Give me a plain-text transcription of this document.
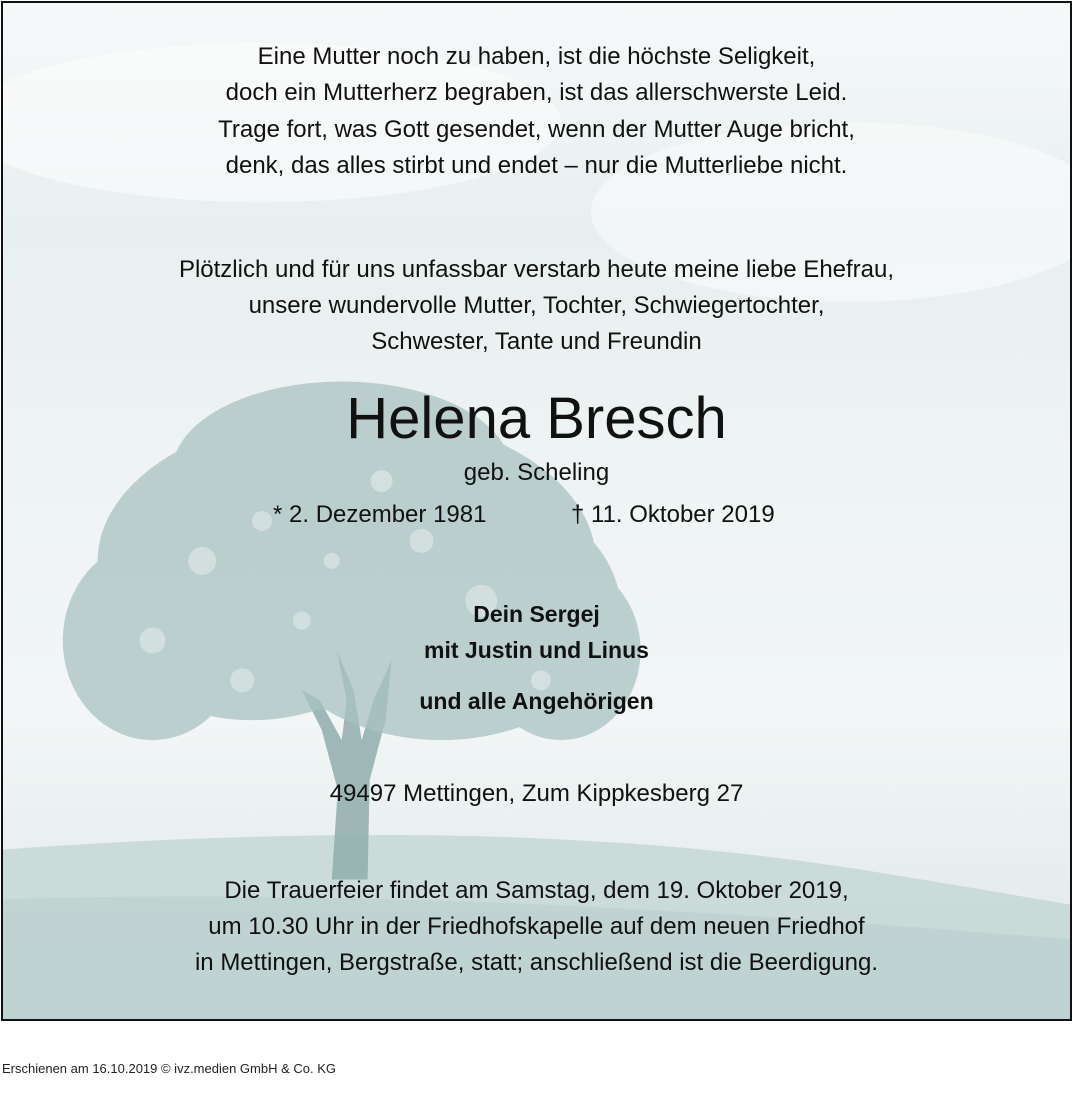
Eine Mutter noch zu haben, ist die höchste Seligkeit,
doch ein Mutterherz begraben, ist das allerschwerste Leid.
Trage fort, was Gott gesendet, wenn der Mutter Auge bricht,
denk, das alles stirbt und endet – nur die Mutterliebe nicht.
Plötzlich und für uns unfassbar verstarb heute meine liebe Ehefrau,
unsere wundervolle Mutter, Tochter, Schwiegertochter,
Schwester, Tante und Freundin
Helena Bresch
geb. Scheling
* 2. Dezember 1981	† 11. Oktober 2019
Dein Sergej
mit Justin und Linus
und alle Angehörigen
49497 Mettingen, Zum Kippkesberg 27
Die Trauerfeier findet am Samstag, dem 19. Oktober 2019,
um 10.30 Uhr in der Friedhofskapelle auf dem neuen Friedhof
in Mettingen, Bergstraße, statt; anschließend ist die Beerdigung.
Erschienen am 16.10.2019 © ivz.medien GmbH & Co. KG
